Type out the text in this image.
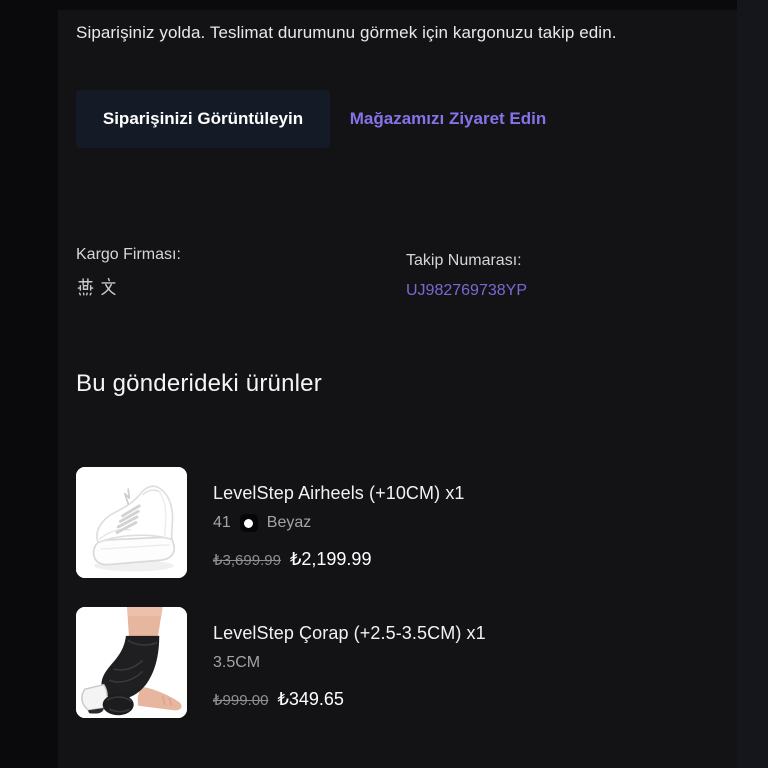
Siparişiniz yolda. Teslimat durumunu görmek için kargonuzu takip edin.

Siparişinizi Görüntüleyin	Mağazamızı Ziyaret Edin
Kargo Firması:	Takip Numarası:
UJ982769738YP
Bu gönderideki ürünler
LevelStep Airheels (+10CM) x1
41 Beyaz
₺3,699.99 ₺2,199.99
LevelStep Çorap (+2.5-3.5CM) x1
3.5CM
₺999.00 ₺349.65
